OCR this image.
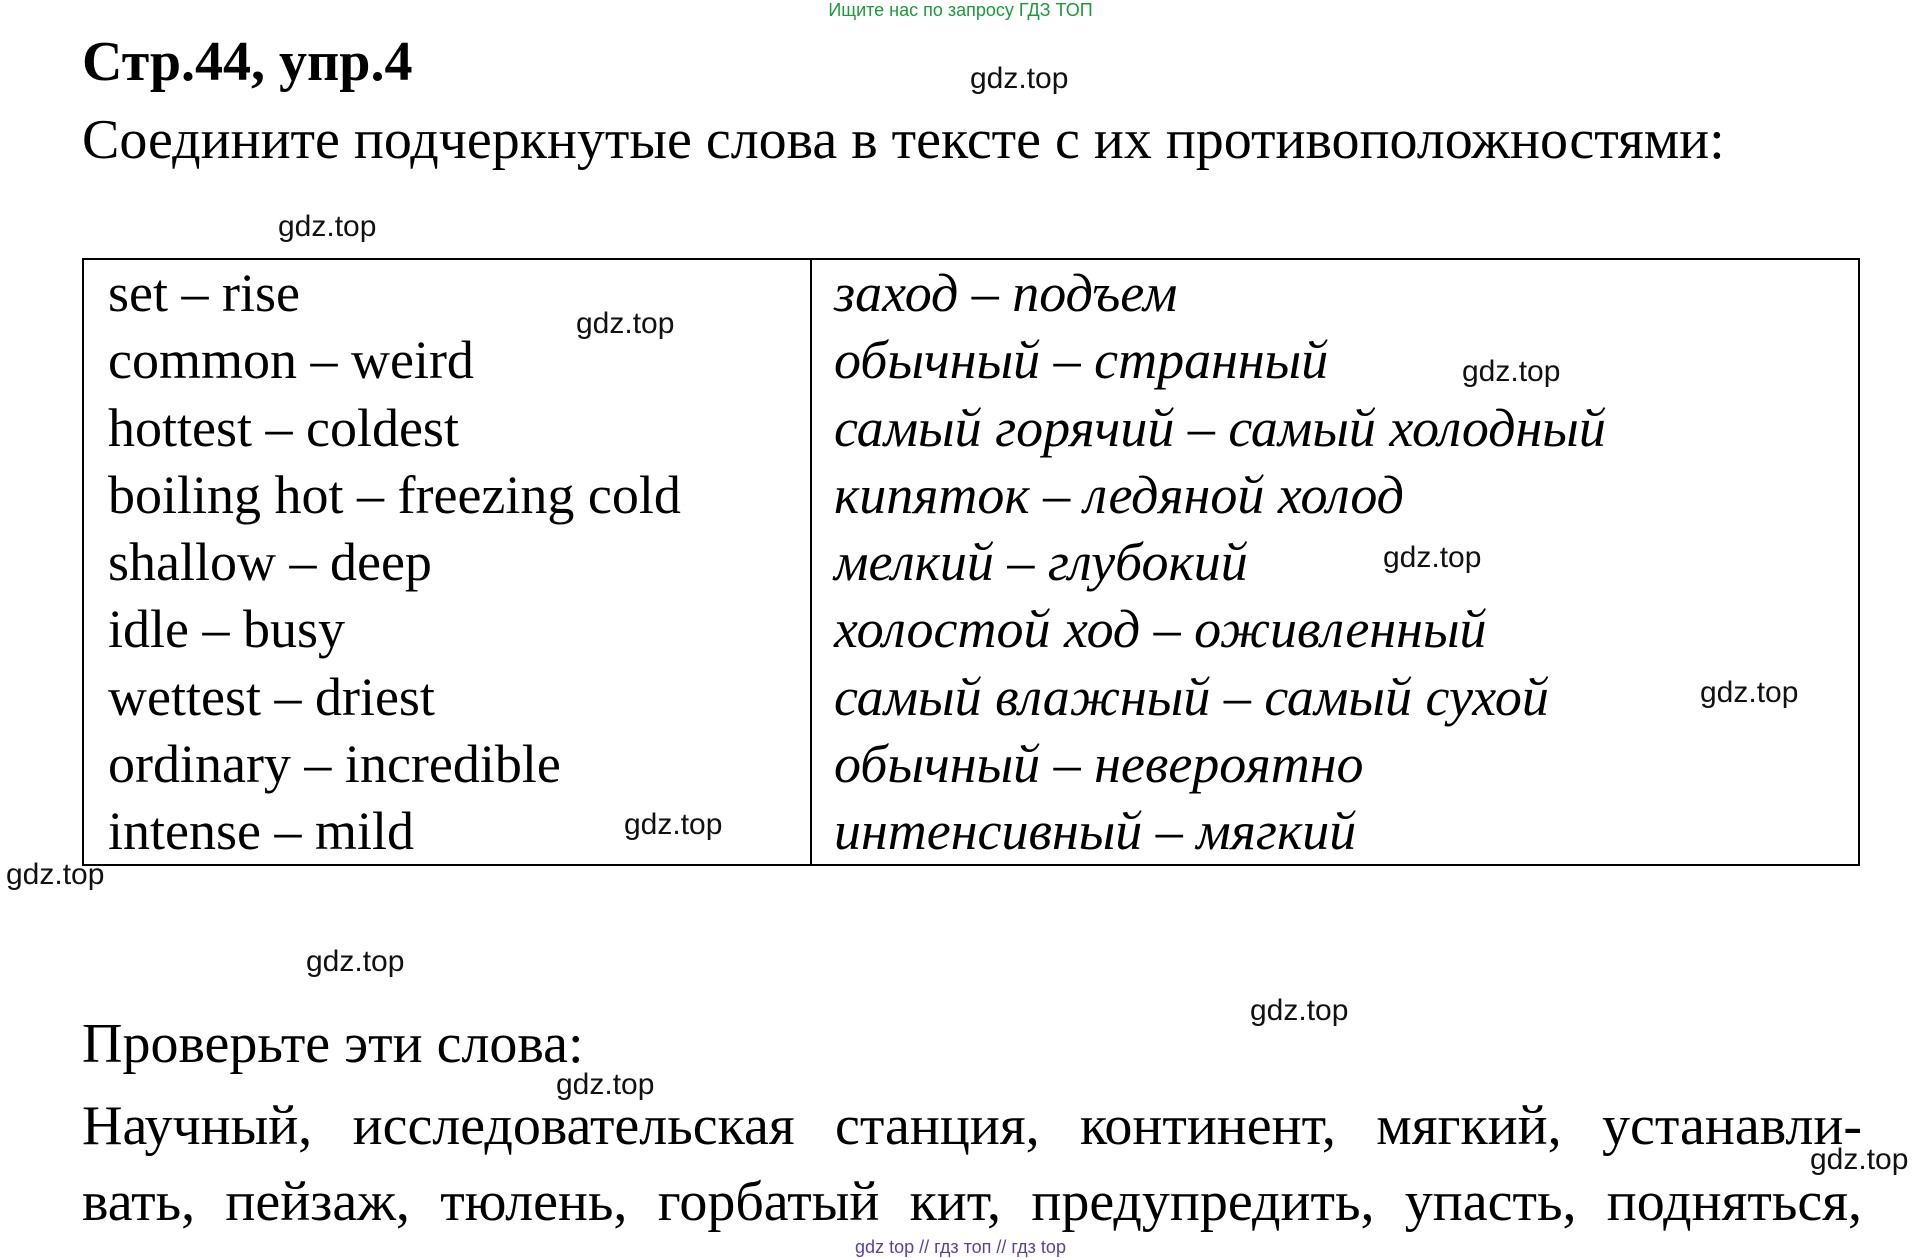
Ищите нас по запросу ГДЗ ТОП
Стр.44, упр.4
Соедините подчеркнутые слова в тексте с их противоположностями:
set – rise
common – weird
hottest – coldest
boiling hot – freezing cold
shallow – deep
idle – busy
wettest – driest
ordinary – incredible
intense – mild
заход – подъем
обычный – странный
самый горячий – самый холодный
кипяток – ледяной холод
мелкий – глубокий
холостой ход – оживленный
самый влажный – самый сухой
обычный – невероятно
интенсивный – мягкий
Проверьте эти слова:
Научный, исследовательская станция, континент, мягкий, устанавли-
вать, пейзаж, тюлень, горбатый кит, предупредить, упасть, подняться,
gdz.top
gdz.top
gdz.top
gdz.top
gdz.top
gdz.top
gdz.top
gdz.top
gdz.top
gdz.top
gdz.top
gdz.top
gdz top // гдз топ // гдз top
